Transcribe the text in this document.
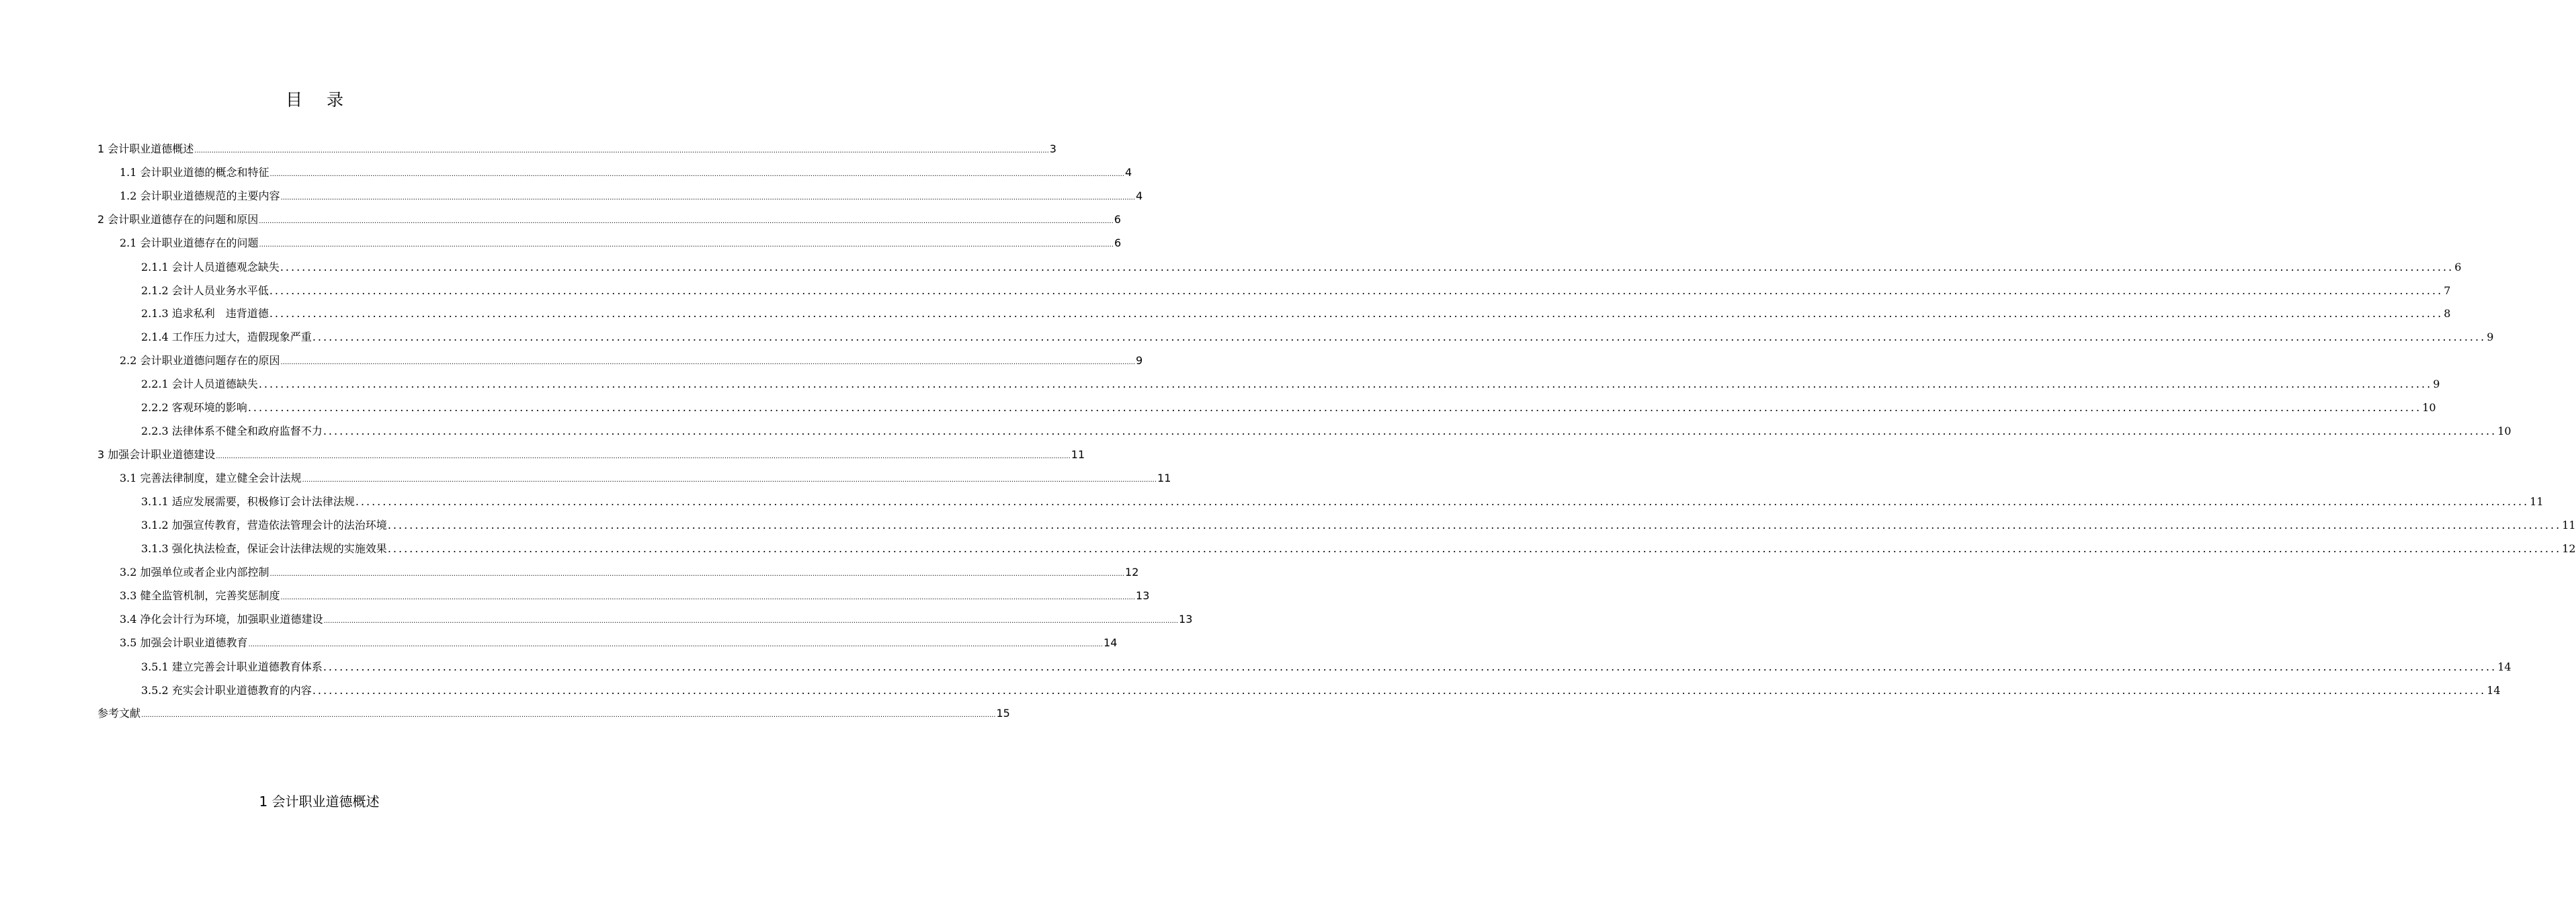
目 录
1 会计职业道德概述 ................................................................................................................................................................................................................................................................................................................................................................................................................ 3
1.1 会计职业道德的概念和特征 ................................................................................................................................................................................................................................................................................................................................................................................................................ 4
1.2 会计职业道德规范的主要内容 ................................................................................................................................................................................................................................................................................................................................................................................................................ 4
2 会计职业道德存在的问题和原因 ................................................................................................................................................................................................................................................................................................................................................................................................................ 6
2.1 会计职业道德存在的问题 ................................................................................................................................................................................................................................................................................................................................................................................................................ 6
2.1.1 会计人员道德观念缺失 ................................................................................................................................................................................................................................................................................................................................................................................................................ 6
2.1.2 会计人员业务水平低 ................................................................................................................................................................................................................................................................................................................................................................................................................ 7
2.1.3 追求私利　违背道德 ................................................................................................................................................................................................................................................................................................................................................................................................................ 8
2.1.4 工作压力过大，造假现象严重 ................................................................................................................................................................................................................................................................................................................................................................................................................ 9
2.2 会计职业道德问题存在的原因 ................................................................................................................................................................................................................................................................................................................................................................................................................ 9
2.2.1 会计人员道德缺失 ................................................................................................................................................................................................................................................................................................................................................................................................................ 9
2.2.2 客观环境的影响 ................................................................................................................................................................................................................................................................................................................................................................................................................ 10
2.2.3 法律体系不健全和政府监督不力 ................................................................................................................................................................................................................................................................................................................................................................................................................ 10
3 加强会计职业道德建设 ................................................................................................................................................................................................................................................................................................................................................................................................................ 11
3.1 完善法律制度，建立健全会计法规 ................................................................................................................................................................................................................................................................................................................................................................................................................ 11
3.1.1 适应发展需要，积极修订会计法律法规 ................................................................................................................................................................................................................................................................................................................................................................................................................ 11
3.1.2 加强宣传教育，营造依法管理会计的法治环境 ................................................................................................................................................................................................................................................................................................................................................................................................................ 11
3.1.3 强化执法检查，保证会计法律法规的实施效果 ................................................................................................................................................................................................................................................................................................................................................................................................................ 12
3.2 加强单位或者企业内部控制 ................................................................................................................................................................................................................................................................................................................................................................................................................ 12
3.3 健全监管机制，完善奖惩制度 ................................................................................................................................................................................................................................................................................................................................................................................................................ 13
3.4 净化会计行为环境，加强职业道德建设 ................................................................................................................................................................................................................................................................................................................................................................................................................ 13
3.5 加强会计职业道德教育 ................................................................................................................................................................................................................................................................................................................................................................................................................ 14
3.5.1 建立完善会计职业道德教育体系 ................................................................................................................................................................................................................................................................................................................................................................................................................ 14
3.5.2 充实会计职业道德教育的内容 ................................................................................................................................................................................................................................................................................................................................................................................................................ 14
参考文献 ................................................................................................................................................................................................................................................................................................................................................................................................................ 15
1 会计职业道德概述
